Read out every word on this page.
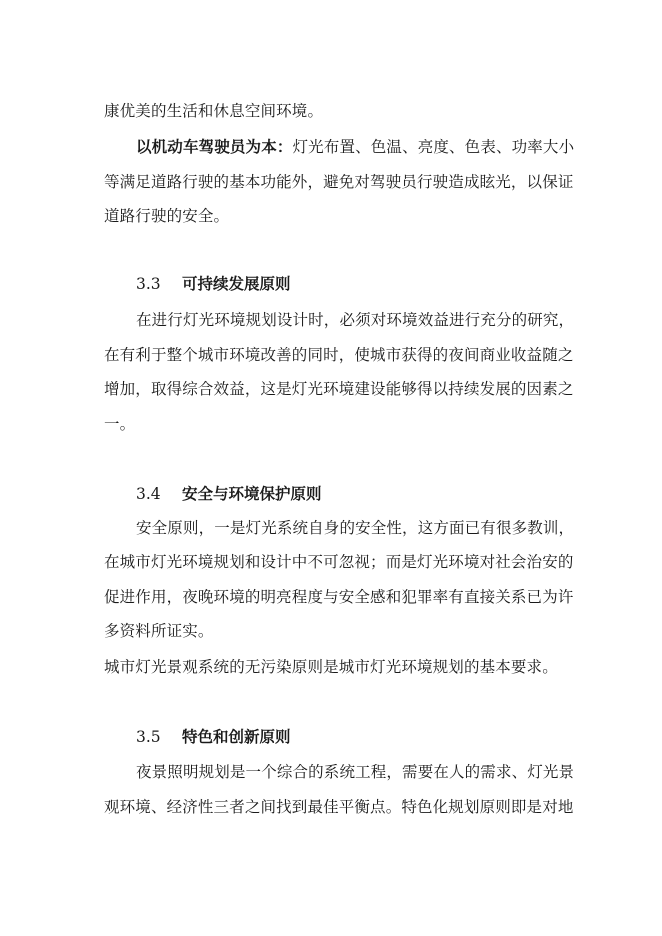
康优美的生活和休息空间环境。
以机动车驾驶员为本：灯光布置、色温、亮度、色表、功率大小
等满足道路行驶的基本功能外，避免对驾驶员行驶造成眩光，以保证
道路行驶的安全。
3.3 可持续发展原则
在进行灯光环境规划设计时，必须对环境效益进行充分的研究，
在有利于整个城市环境改善的同时，使城市获得的夜间商业收益随之
增加，取得综合效益，这是灯光环境建设能够得以持续发展的因素之
一。
3.4 安全与环境保护原则
安全原则，一是灯光系统自身的安全性，这方面已有很多教训，
在城市灯光环境规划和设计中不可忽视；而是灯光环境对社会治安的
促进作用，夜晚环境的明亮程度与安全感和犯罪率有直接关系已为许
多资料所证实。
城市灯光景观系统的无污染原则是城市灯光环境规划的基本要求。
3.5 特色和创新原则
夜景照明规划是一个综合的系统工程，需要在人的需求、灯光景
观环境、经济性三者之间找到最佳平衡点。特色化规划原则即是对地
